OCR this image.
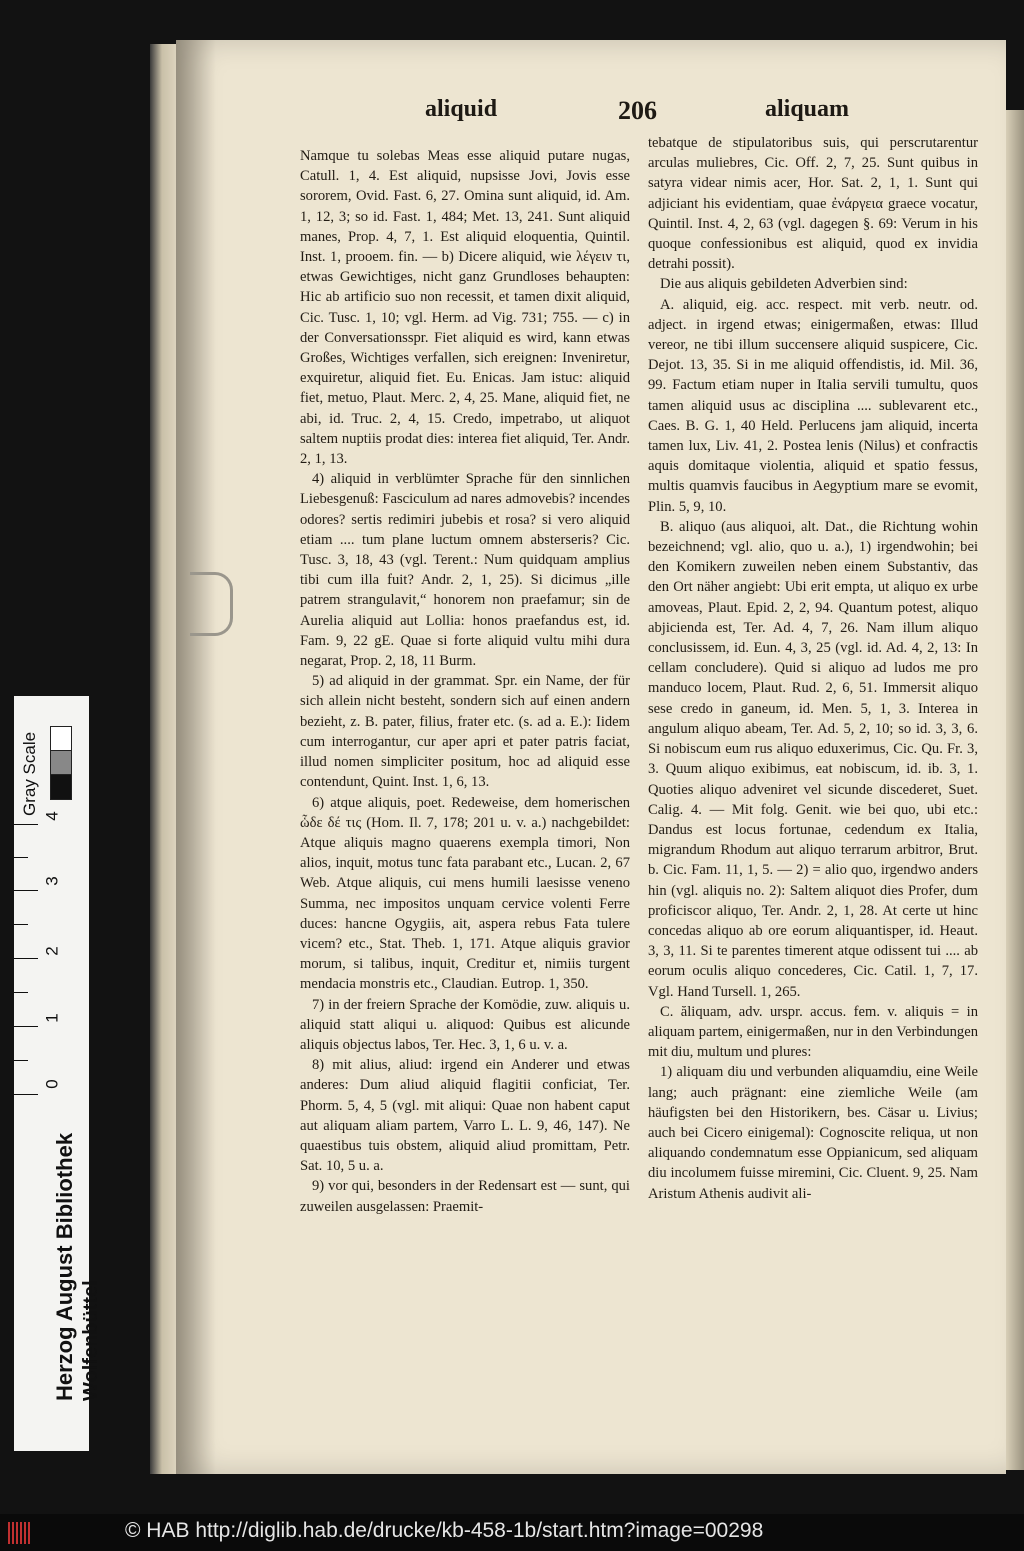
aliquid	206	aliquam

Namque tu solebas Meas esse aliquid putare nugas, Catull. 1, 4. Est aliquid, nupsisse Jovi, Jovis esse sororem, Ovid. Fast. 6, 27. Omina sunt aliquid, id. Am. 1, 12, 3; so id. Fast. 1, 484; Met. 13, 241. Sunt aliquid manes, Prop. 4, 7, 1. Est aliquid eloquentia, Quintil. Inst. 1, prooem. fin. — b) Dicere aliquid, wie λέγειν τι, etwas Gewichtiges, nicht ganz Grundloses behaupten: Hic ab artificio suo non recessit, et tamen dixit aliquid, Cic. Tusc. 1, 10; vgl. Herm. ad Vig. 731; 755. — c) in der Conversationsspr. Fiet aliquid es wird, kann etwas Großes, Wichtiges verfallen, sich ereignen: Inveniretur, exquiretur, aliquid fiet. Eu. Enicas. Jam istuc: aliquid fiet, metuo, Plaut. Merc. 2, 4, 25. Mane, aliquid fiet, ne abi, id. Truc. 2, 4, 15. Credo, impetrabo, ut aliquot saltem nuptiis prodat dies: interea fiet aliquid, Ter. Andr. 2, 1, 13.

4) aliquid in verblümter Sprache für den sinnlichen Liebesgenuß: Fasciculum ad nares admovebis? incendes odores? sertis redimiri jubebis et rosa? si vero aliquid etiam .... tum plane luctum omnem absterseris? Cic. Tusc. 3, 18, 43 (vgl. Terent.: Num quidquam amplius tibi cum illa fuit? Andr. 2, 1, 25). Si dicimus „ille patrem strangulavit,“ honorem non praefamur; sin de Aurelia aliquid aut Lollia: honos praefandus est, id. Fam. 9, 22 gE. Quae si forte aliquid vultu mihi dura negarat, Prop. 2, 18, 11 Burm.

5) ad aliquid in der grammat. Spr. ein Name, der für sich allein nicht besteht, sondern sich auf einen andern bezieht, z. B. pater, filius, frater etc. (s. ad a. E.): Iidem cum interrogantur, cur aper apri et pater patris faciat, illud nomen simpliciter positum, hoc ad aliquid esse contendunt, Quint. Inst. 1, 6, 13.

6) atque aliquis, poet. Redeweise, dem homerischen ὧδε δέ τις (Hom. Il. 7, 178; 201 u. v. a.) nachgebildet: Atque aliquis magno quaerens exempla timori, Non alios, inquit, motus tunc fata parabant etc., Lucan. 2, 67 Web. Atque aliquis, cui mens humili laesisse veneno Summa, nec impositos unquam cervice volenti Ferre duces: hancne Ogygiis, ait, aspera rebus Fata tulere vicem? etc., Stat. Theb. 1, 171. Atque aliquis gravior morum, si talibus, inquit, Creditur et, nimiis turgent mendacia monstris etc., Claudian. Eutrop. 1, 350.

7) in der freiern Sprache der Komödie, zuw. aliquis u. aliquid statt aliqui u. aliquod: Quibus est alicunde aliquis objectus labos, Ter. Hec. 3, 1, 6 u. v. a.

8) mit alius, aliud: irgend ein Anderer und etwas anderes: Dum aliud aliquid flagitii conficiat, Ter. Phorm. 5, 4, 5 (vgl. mit aliqui: Quae non habent caput aut aliquam aliam partem, Varro L. L. 9, 46, 147). Ne quaestibus tuis obstem, aliquid aliud promittam, Petr. Sat. 10, 5 u. a.

9) vor qui, besonders in der Redensart est — sunt, qui zuweilen ausgelassen: Praemit-

tebatque de stipulatoribus suis, qui perscrutarentur arculas muliebres, Cic. Off. 2, 7, 25. Sunt quibus in satyra videar nimis acer, Hor. Sat. 2, 1, 1. Sunt qui adjiciant his evidentiam, quae ἐνάργεια graece vocatur, Quintil. Inst. 4, 2, 63 (vgl. dagegen §. 69: Verum in his quoque confessionibus est aliquid, quod ex invidia detrahi possit).

Die aus aliquis gebildeten Adverbien sind:

A. aliquid, eig. acc. respect. mit verb. neutr. od. adject. in irgend etwas; einigermaßen, etwas: Illud vereor, ne tibi illum succensere aliquid suspicere, Cic. Dejot. 13, 35. Si in me aliquid offendistis, id. Mil. 36, 99. Factum etiam nuper in Italia servili tumultu, quos tamen aliquid usus ac disciplina .... sublevarent etc., Caes. B. G. 1, 40 Held. Perlucens jam aliquid, incerta tamen lux, Liv. 41, 2. Postea lenis (Nilus) et confractis aquis domitaque violentia, aliquid et spatio fessus, multis quamvis faucibus in Aegyptium mare se evomit, Plin. 5, 9, 10.

B. aliquo (aus aliquoi, alt. Dat., die Richtung wohin bezeichnend; vgl. alio, quo u. a.), 1) irgendwohin; bei den Komikern zuweilen neben einem Substantiv, das den Ort näher angiebt: Ubi erit empta, ut aliquo ex urbe amoveas, Plaut. Epid. 2, 2, 94. Quantum potest, aliquo abjicienda est, Ter. Ad. 4, 7, 26. Nam illum aliquo conclusissem, id. Eun. 4, 3, 25 (vgl. id. Ad. 4, 2, 13: In cellam concludere). Quid si aliquo ad ludos me pro manduco locem, Plaut. Rud. 2, 6, 51. Immersit aliquo sese credo in ganeum, id. Men. 5, 1, 3. Interea in angulum aliquo abeam, Ter. Ad. 5, 2, 10; so id. 3, 3, 6. Si nobiscum eum rus aliquo eduxerimus, Cic. Qu. Fr. 3, 3. Quum aliquo exibimus, eat nobiscum, id. ib. 3, 1. Quoties aliquo adveniret vel sicunde discederet, Suet. Calig. 4. — Mit folg. Genit. wie bei quo, ubi etc.: Dandus est locus fortunae, cedendum ex Italia, migrandum Rhodum aut aliquo terrarum arbitror, Brut. b. Cic. Fam. 11, 1, 5. — 2) = alio quo, irgendwo anders hin (vgl. aliquis no. 2): Saltem aliquot dies Profer, dum proficiscor aliquo, Ter. Andr. 2, 1, 28. At certe ut hinc concedas aliquo ab ore eorum aliquantisper, id. Heaut. 3, 3, 11. Si te parentes timerent atque odissent tui .... ab eorum oculis aliquo concederes, Cic. Catil. 1, 7, 17. Vgl. Hand Tursell. 1, 265.

C. ăliquam, adv. urspr. accus. fem. v. aliquis = in aliquam partem, einigermaßen, nur in den Verbindungen mit diu, multum und plures:

1) aliquam diu und verbunden aliquamdiu, eine Weile lang; auch prägnant: eine ziemliche Weile (am häufigsten bei den Historikern, bes. Cäsar u. Livius; auch bei Cicero einigemal): Cognoscite reliqua, ut non aliquando condemnatum esse Oppianicum, sed aliquam diu incolumem fuisse miremini, Cic. Cluent. 9, 25. Nam Aristum Athenis audivit ali-

Gray Scale 4
3
2
1
0
Herzog August Bibliothek Wolfenbüttel
© HAB http://diglib.hab.de/drucke/kb-458-1b/start.htm?image=00298
